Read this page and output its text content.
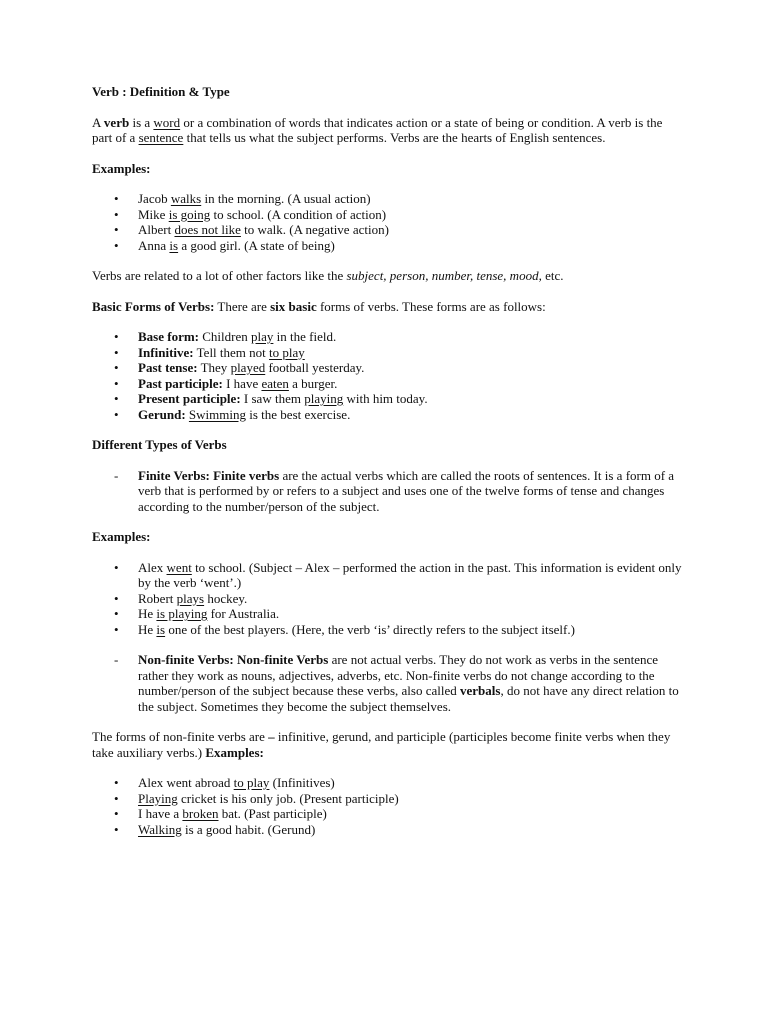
Verb : Definition & Type

A verb is a word or a combination of words that indicates action or a state of being or condition. A verb is the part of a sentence that tells us what the subject performs. Verbs are the hearts of English sentences.

Examples:

• Jacob walks in the morning. (A usual action)
• Mike is going to school. (A condition of action)
• Albert does not like to walk. (A negative action)
• Anna is a good girl. (A state of being)

Verbs are related to a lot of other factors like the subject, person, number, tense, mood, etc.

Basic Forms of Verbs: There are six basic forms of verbs. These forms are as follows:

• Base form: Children play in the field.
• Infinitive: Tell them not to play
• Past tense: They played football yesterday.
• Past participle: I have eaten a burger.
• Present participle: I saw them playing with him today.
• Gerund: Swimming is the best exercise.

Different Types of Verbs

- Finite Verbs: Finite verbs are the actual verbs which are called the roots of sentences. It is a form of a verb that is performed by or refers to a subject and uses one of the twelve forms of tense and changes according to the number/person of the subject.

Examples:

• Alex went to school. (Subject – Alex – performed the action in the past. This information is evident only by the verb ‘went’.)
• Robert plays hockey.
• He is playing for Australia.
• He is one of the best players. (Here, the verb ‘is’ directly refers to the subject itself.)
- Non-finite Verbs: Non-finite Verbs are not actual verbs. They do not work as verbs in the sentence rather they work as nouns, adjectives, adverbs, etc. Non-finite verbs do not change according to the number/person of the subject because these verbs, also called verbals, do not have any direct relation to the subject. Sometimes they become the subject themselves.

The forms of non-finite verbs are – infinitive, gerund, and participle (participles become finite verbs when they take auxiliary verbs.) Examples:

• Alex went abroad to play (Infinitives)
• Playing cricket is his only job. (Present participle)
• I have a broken bat. (Past participle)
• Walking is a good habit. (Gerund)
